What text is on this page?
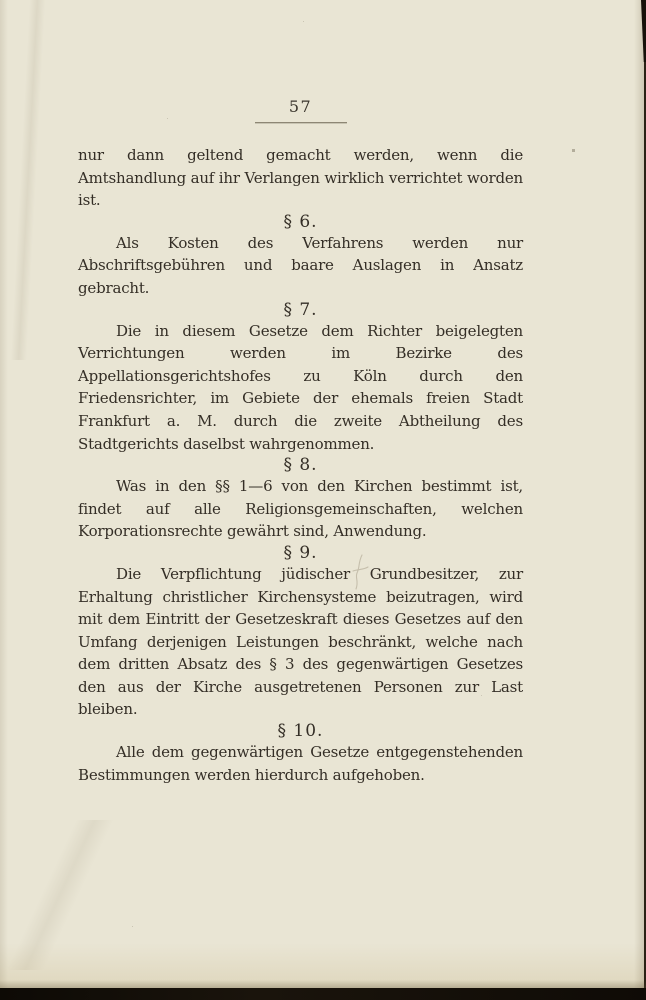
57

nur dann geltend gemacht werden, wenn die Amtshandlung auf ihr Verlangen wirklich verrichtet worden ist.

§ 6.

Als Kosten des Verfahrens werden nur Abschriftsgebühren und baare Auslagen in Ansatz gebracht.

§ 7.

Die in diesem Gesetze dem Richter beigelegten Verrichtungen werden im Bezirke des Appellationsgerichtshofes zu Köln durch den Friedensrichter, im Gebiete der ehemals freien Stadt Frankfurt a. M. durch die zweite Abtheilung des Stadtgerichts daselbst wahrgenommen.

§ 8.

Was in den §§ 1—6 von den Kirchen bestimmt ist, findet auf alle Religionsgemeinschaften, welchen Korporationsrechte gewährt sind, Anwendung.

§ 9.

Die Verpflichtung jüdischer Grundbesitzer, zur Erhaltung christlicher Kirchensysteme beizutragen, wird mit dem Eintritt der Gesetzeskraft dieses Gesetzes auf den Umfang derjenigen Leistungen beschränkt, welche nach dem dritten Absatz des § 3 des gegenwärtigen Gesetzes den aus der Kirche ausgetretenen Personen zur Last bleiben.

§ 10.

Alle dem gegenwärtigen Gesetze entgegenstehenden Bestimmungen werden hierdurch aufgehoben.
